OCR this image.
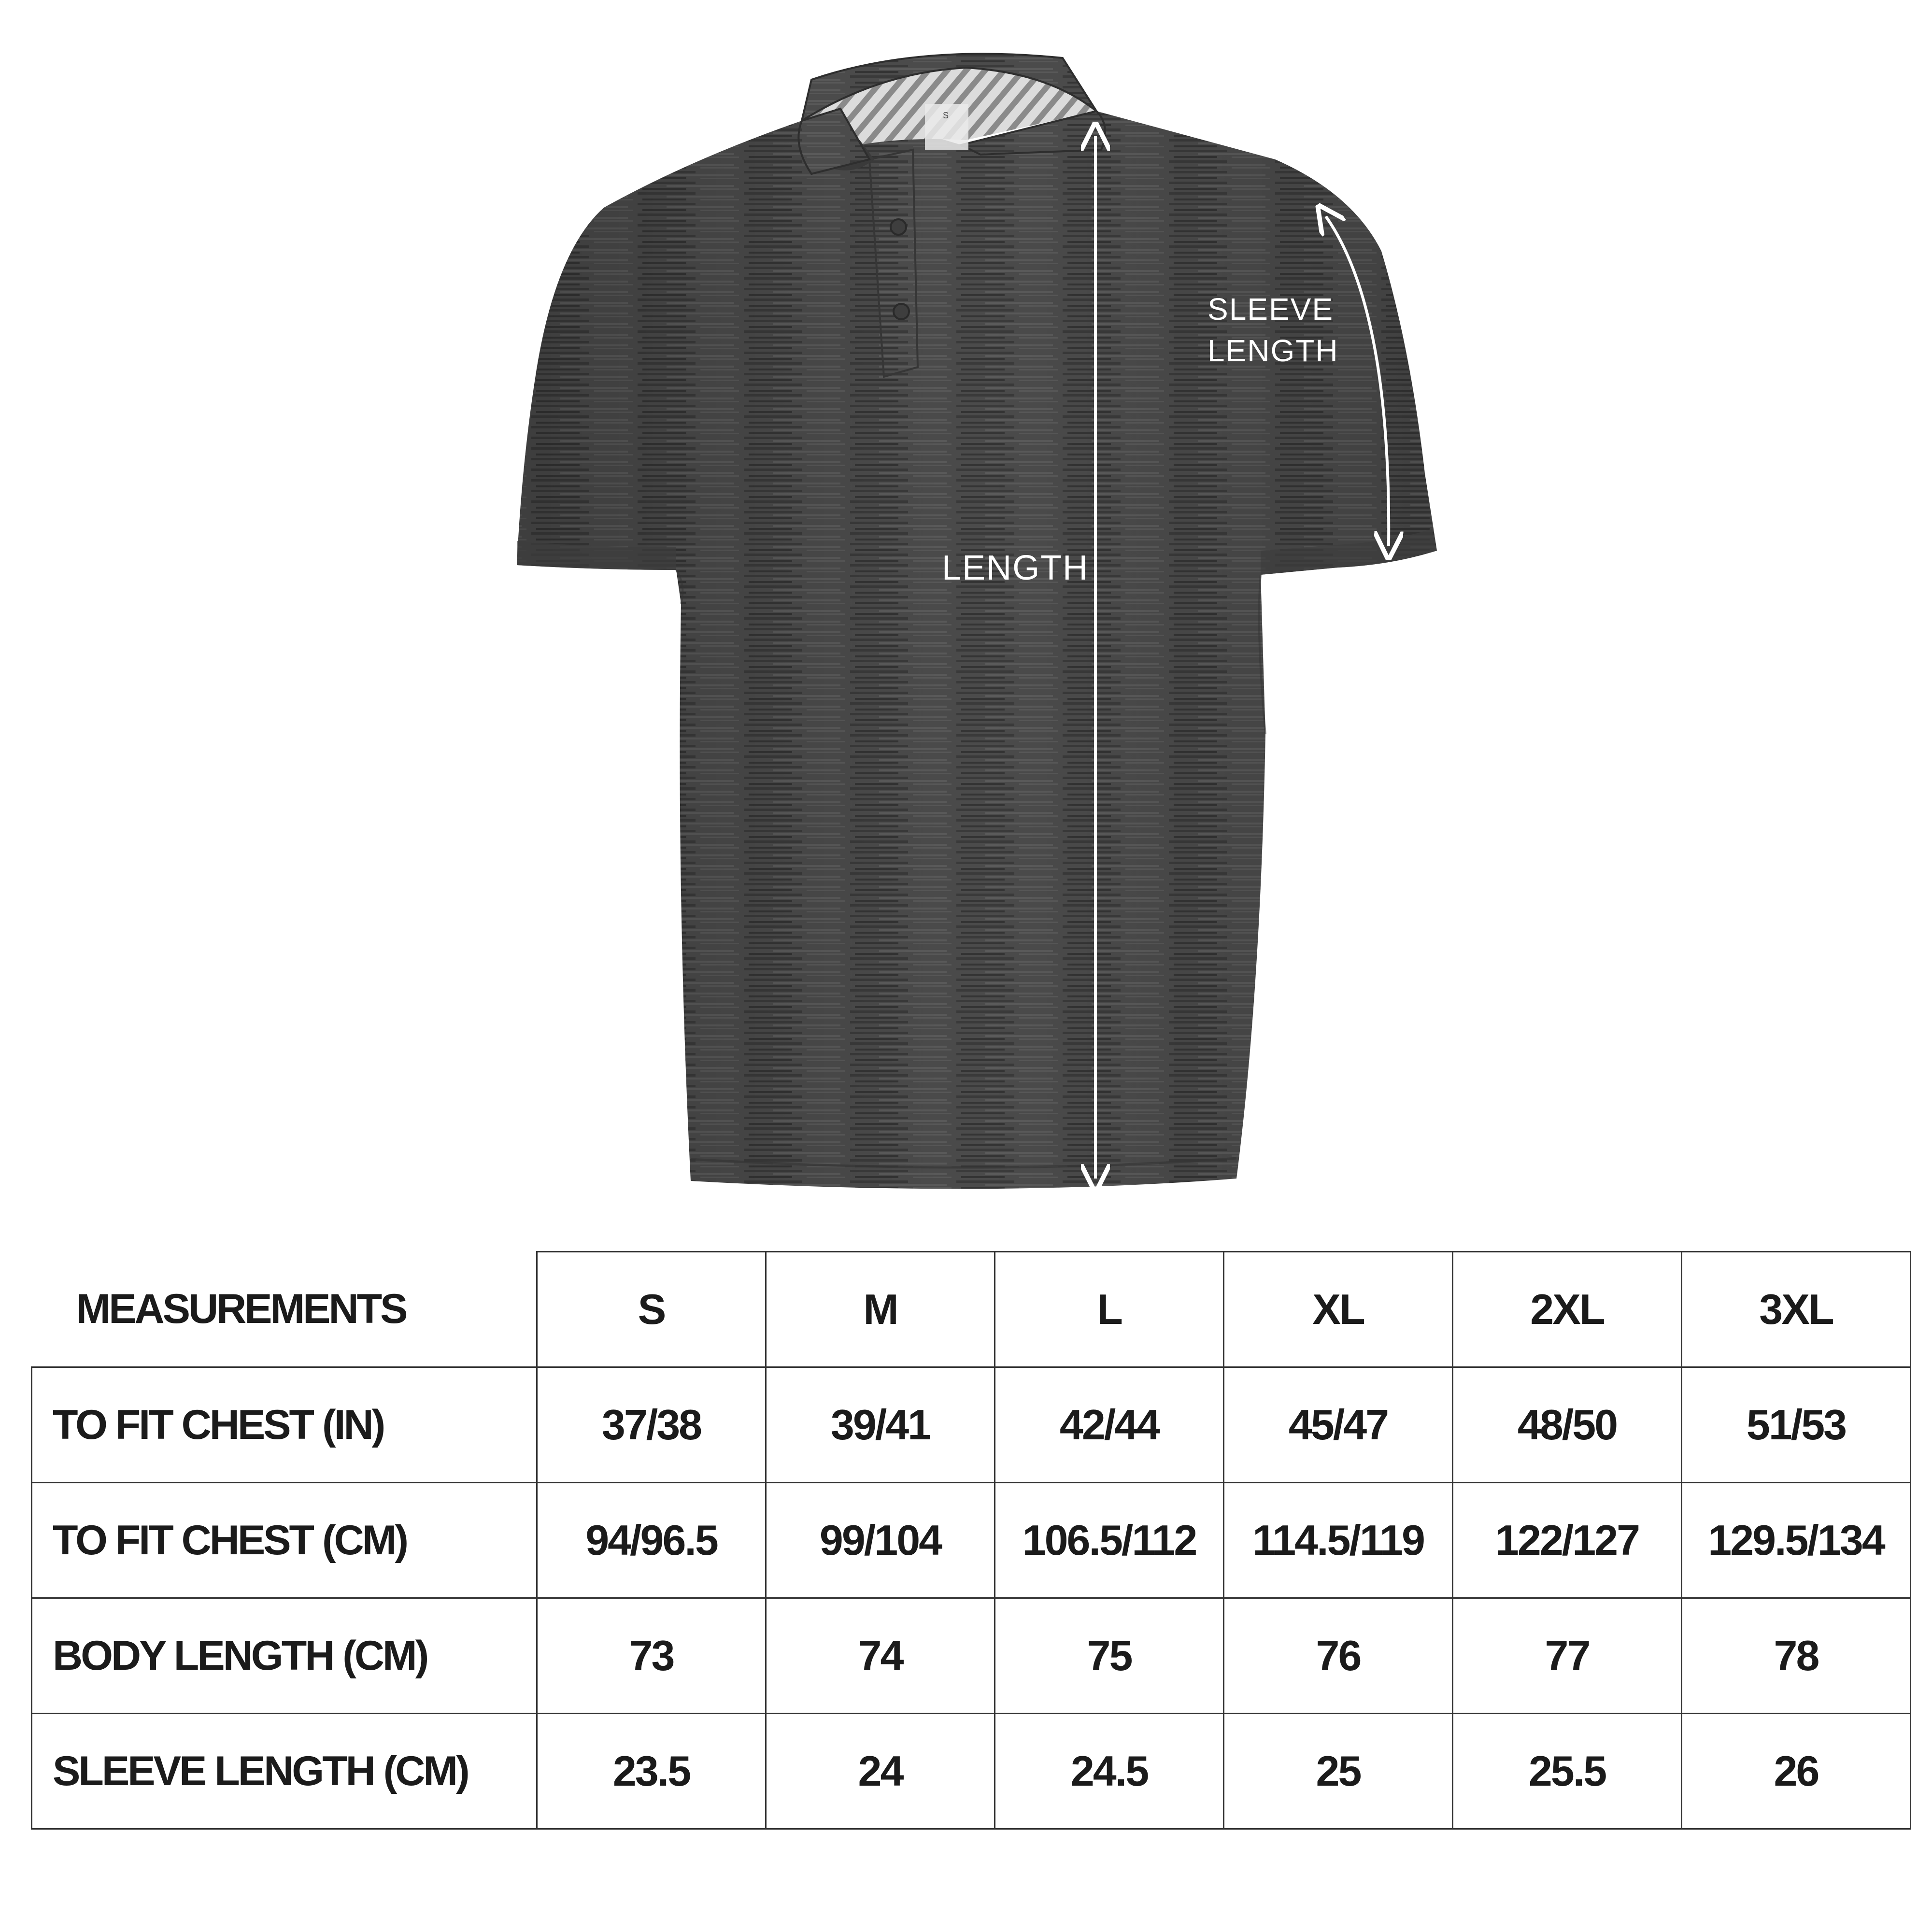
S
LENGTH
SLEEVE
LENGTH
MEASUREMENTS	S	M	L	XL	2XL	3XL
TO FIT CHEST (IN)	37/38	39/41	42/44	45/47	48/50	51/53
TO FIT CHEST (CM)	94/96.5	99/104	106.5/112	114.5/119	122/127	129.5/134
BODY LENGTH (CM)	73	74	75	76	77	78
SLEEVE LENGTH (CM)	23.5	24	24.5	25	25.5	26
